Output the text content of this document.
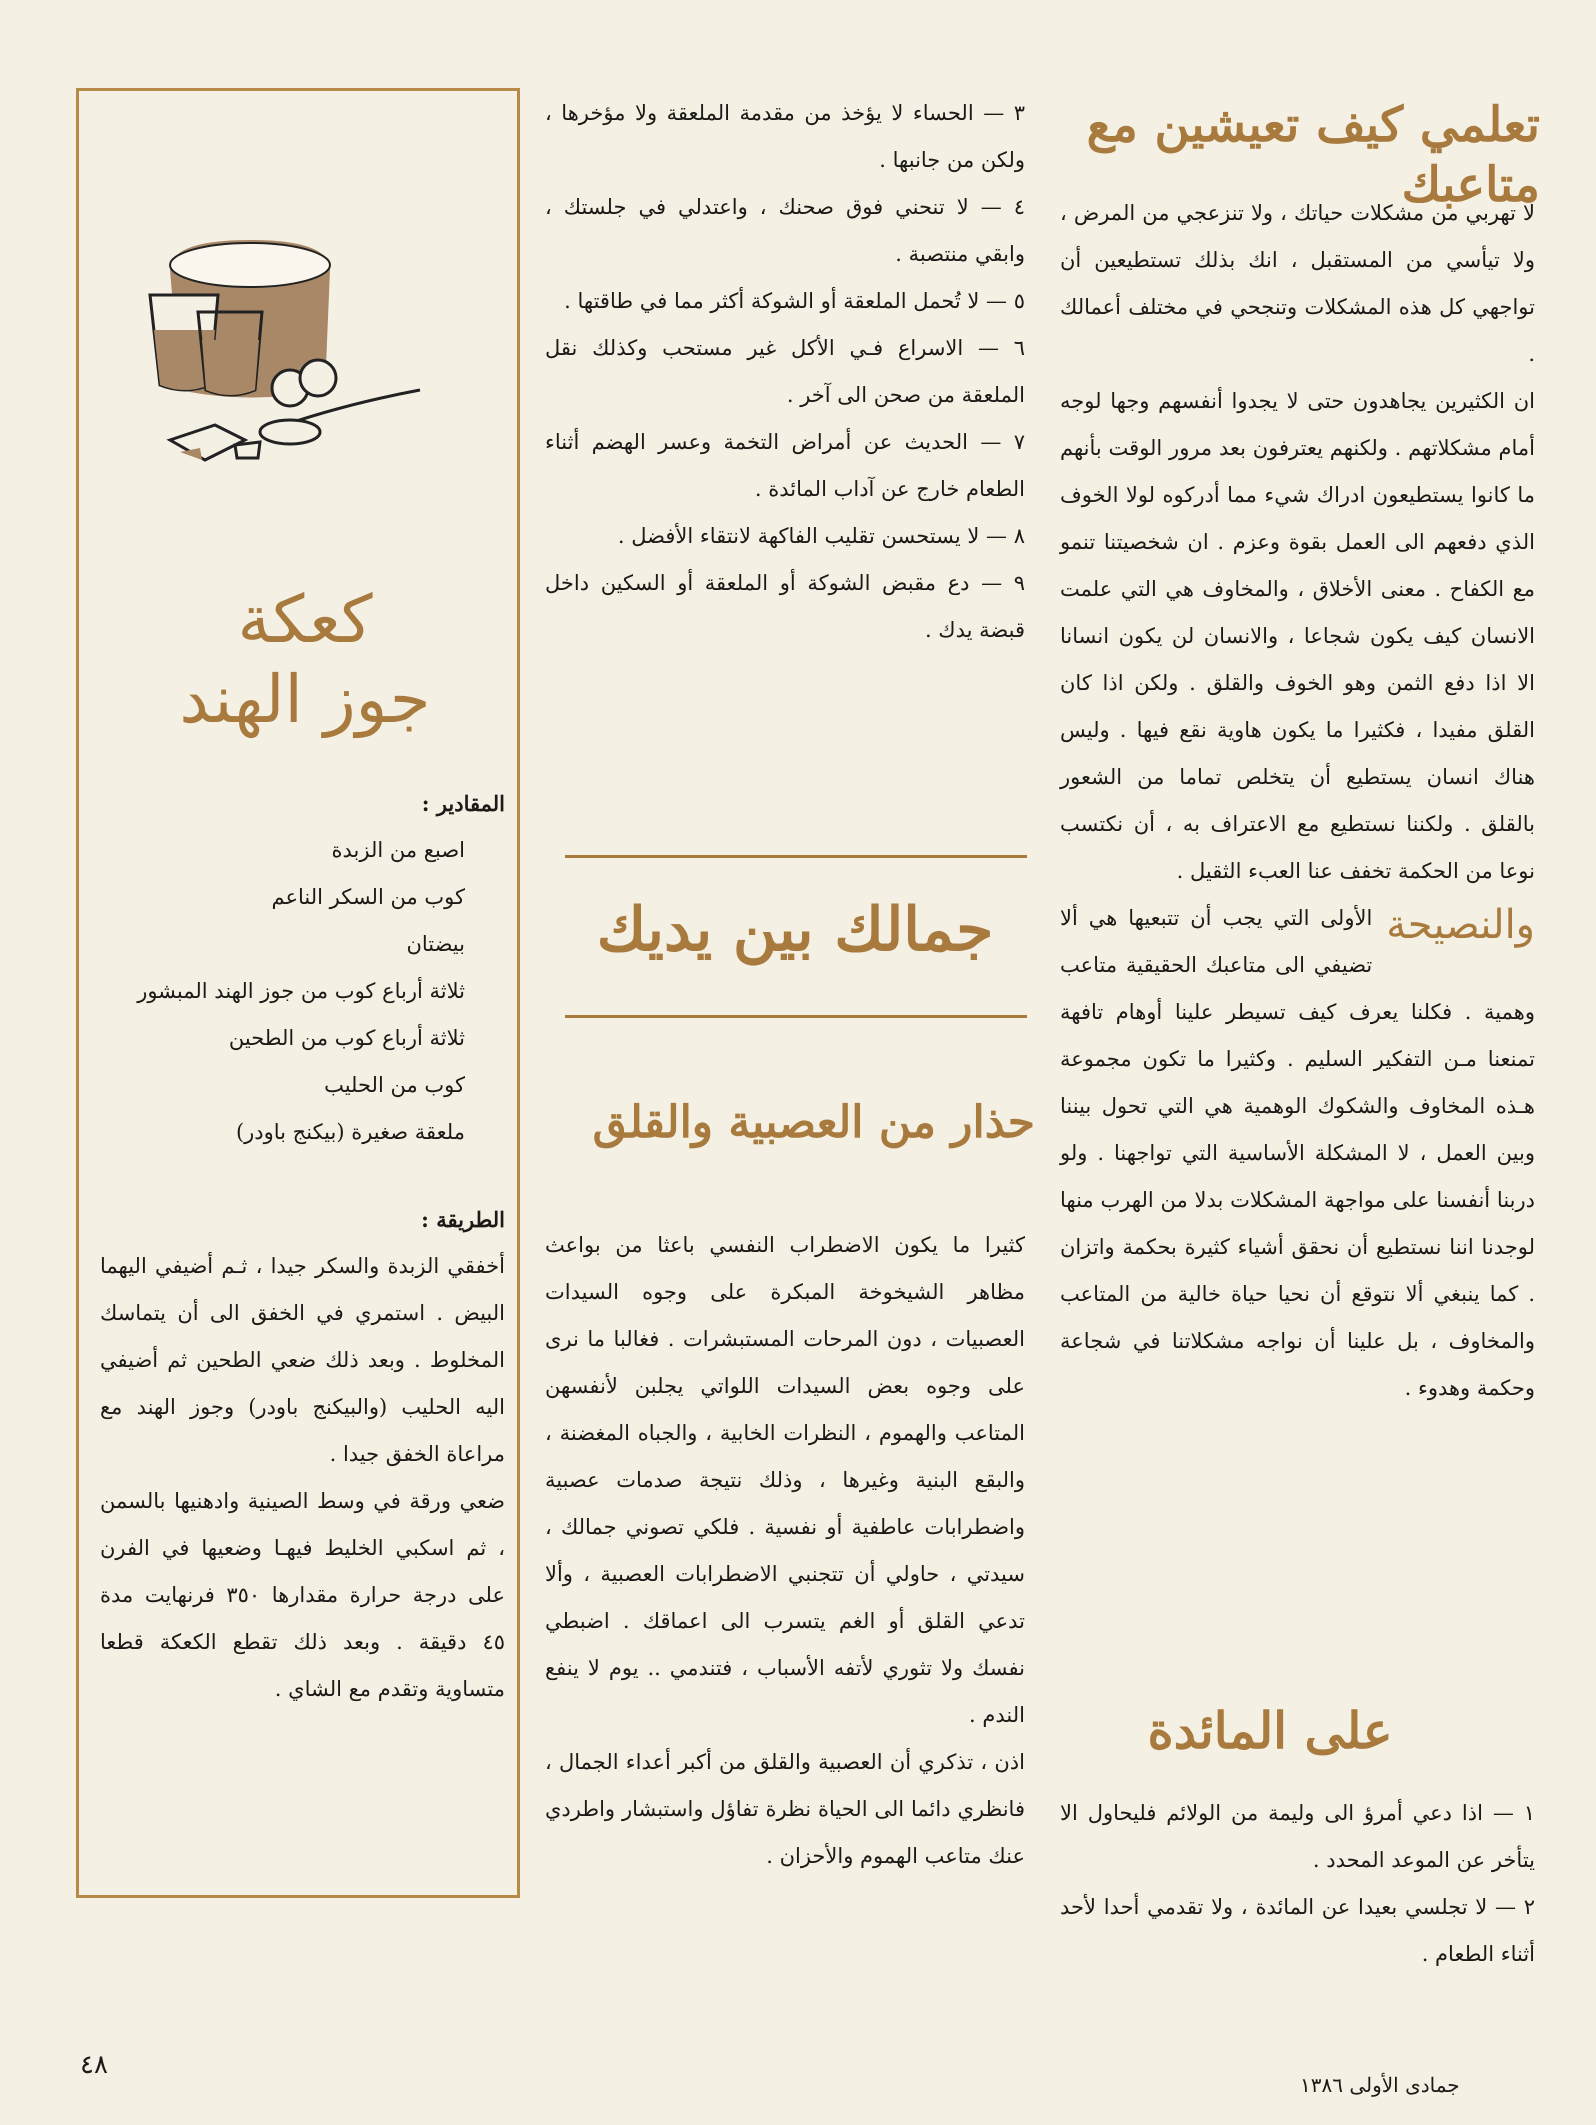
تعلمي كيف تعيشين مع متاعبك

لا تهربي من مشكلات حياتك ، ولا تنزعجي من المرض ، ولا تيأسي من المستقبل ، انك بذلك تستطيعين أن تواجهي كل هذه المشكلات وتنجحي في مختلف أعمالك .

ان الكثيرين يجاهدون حتى لا يجدوا أنفسهم وجها لوجه أمام مشكلاتهم . ولكنهم يعترفون بعد مرور الوقت بأنهم ما كانوا يستطيعون ادراك شيء مما أدركوه لولا الخوف الذي دفعهم الى العمل بقوة وعزم . ان شخصيتنا تنمو مع الكفاح . معنى الأخلاق ، والمخاوف هي التي علمت الانسان كيف يكون شجاعا ، والانسان لن يكون انسانا الا اذا دفع الثمن وهو الخوف والقلق . ولكن اذا كان القلق مفيدا ، فكثيرا ما يكون هاوية نقع فيها . وليس هناك انسان يستطيع أن يتخلص تماما من الشعور بالقلق . ولكننا نستطيع مع الاعتراف به ، أن نكتسب نوعا من الحكمة تخفف عنا العبء الثقيل .

والنصيحة
الأولى التي يجب أن تتبعيها هي ألا تضيفي الى متاعبك الحقيقية متاعب وهمية . فكلنا يعرف كيف تسيطر علينا أوهام تافهة تمنعنا مـن التفكير السليم . وكثيرا ما تكون مجموعة هـذه المخاوف والشكوك الوهمية هي التي تحول بيننا وبين العمل ، لا المشكلة الأساسية التي تواجهنا . ولو دربنا أنفسنا على مواجهة المشكلات بدلا من الهرب منها لوجدنا اننا نستطيع أن نحقق أشياء كثيرة بحكمة واتزان . كما ينبغي ألا نتوقع أن نحيا حياة خالية من المتاعب والمخاوف ، بل علينا أن نواجه مشكلاتنا في شجاعة وحكمة وهدوء .

على المائدة

١ — اذا دعي أمرؤ الى وليمة من الولائم فليحاول الا يتأخر عن الموعد المحدد .

٢ — لا تجلسي بعيدا عن المائدة ، ولا تقدمي أحدا لأحد أثناء الطعام .

٣ — الحساء لا يؤخذ من مقدمة الملعقة ولا مؤخرها ، ولكن من جانبها .

٤ — لا تنحني فوق صحنك ، واعتدلي في جلستك ، وابقي منتصبة .

٥ — لا تُحمل الملعقة أو الشوكة أكثر مما في طاقتها .

٦ — الاسراع فـي الأكل غير مستحب وكذلك نقل الملعقة من صحن الى آخر .

٧ — الحديث عن أمراض التخمة وعسر الهضم أثناء الطعام خارج عن آداب المائدة .

٨ — لا يستحسن تقليب الفاكهة لانتقاء الأفضل .

٩ — دع مقبض الشوكة أو الملعقة أو السكين داخل قبضة يدك .

جمالك بين يديك
حذار من العصبية والقلق

كثيرا ما يكون الاضطراب النفسي باعثا من بواعث مظاهر الشيخوخة المبكرة على وجوه السيدات العصبيات ، دون المرحات المستبشرات . فغالبا ما نرى على وجوه بعض السيدات اللواتي يجلبن لأنفسهن المتاعب والهموم ، النظرات الخابية ، والجباه المغضنة ، والبقع البنية وغيرها ، وذلك نتيجة صدمات عصبية واضطرابات عاطفية أو نفسية . فلكي تصوني جمالك ، سيدتي ، حاولي أن تتجنبي الاضطرابات العصبية ، وألا تدعي القلق أو الغم يتسرب الى اعماقك . اضبطي نفسك ولا تثوري لأتفه الأسباب ، فتندمي .. يوم لا ينفع الندم .

اذن ، تذكري أن العصبية والقلق من أكبر أعداء الجمال ، فانظري دائما الى الحياة نظرة تفاؤل واستبشار واطردي عنك متاعب الهموم والأحزان .

كعكة
جوز الهند

المقادير :

اصبع من الزبدة
كوب من السكر الناعم
بيضتان
ثلاثة أرباع كوب من جوز الهند المبشور
ثلاثة أرباع كوب من الطحين
كوب من الحليب
ملعقة صغيرة (بيكنج باودر)

الطريقة :

أخفقي الزبدة والسكر جيدا ، ثـم أضيفي اليهما البيض . استمري في الخفق الى أن يتماسك المخلوط . وبعد ذلك ضعي الطحين ثم أضيفي اليه الحليب (والبيكنج باودر) وجوز الهند مع مراعاة الخفق جيدا .

ضعي ورقة في وسط الصينية وادهنيها بالسمن ، ثم اسكبي الخليط فيهـا وضعيها في الفرن على درجة حرارة مقدارها ٣٥٠ فرنهايت مدة ٤٥ دقيقة . وبعد ذلك تقطع الكعكة قطعا متساوية وتقدم مع الشاي .

٤٨
جمادى الأولى ١٣٨٦
